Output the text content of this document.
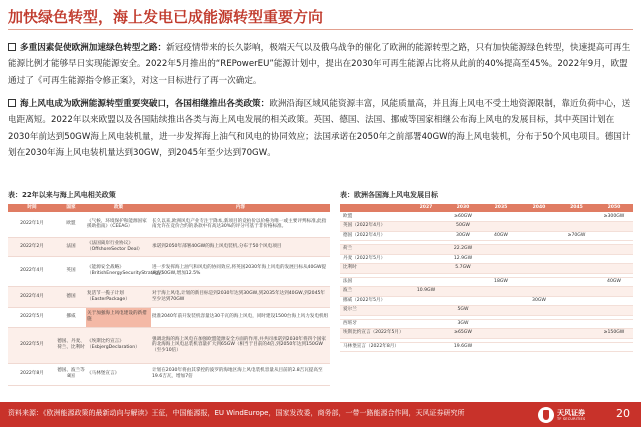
加快绿色转型，海上发电已成能源转型重要方向
多重因素促使欧洲加速绿色转型之路：新冠疫情带来的长久影响，极端天气以及俄乌战争的催化了欧洲的能源转型之路，只有加快能源绿色转型，快速提高可再生能源比例才能够早日实现能源安全。2022年5月推出的“REPowerEU”能源计划中，提出在2030年可再生能源占比将从此前的40%提高至45%。2022年9月，欧盟通过了《可再生能源指令修正案》，对这一目标进行了再一次确定。
海上风电成为欧洲能源转型重要突破口，各国相继推出各类政策：欧洲沿海区域风能资源丰富，风能质量高，并且海上风电不受土地资源限制，靠近负荷中心，送电距离短。2022年以来欧盟以及各国陆续推出各类与海上风电发展的相关政策。英国、德国、法国、挪威等国家相继公布海上风电的发展目标，其中英国计划在2030年前达到50GW海上风电装机量，进一步发挥海上油气和风电的协同效应；法国承诺在2050年之前部署40GW的海上风电装机，分布于50个风电项目。德国计划在2030年海上风电装机量达到30GW，到2045年至少达到70GW。
表：22年以来与海上风电相关政策	表：欧洲各国海上风电发展目标
时间	国家	政策	内容
2022年1月	欧盟	《气候、环境保护和能源国家援助指南》（CEEAG）	长久以来,欧洲风电产业专注于降本,新项目的竞拍价以价格为唯一或主要评判标准,此指南允许在竞价合约的条款中有高达30%的评分可基于非价格标准。
2022年2月	法国	《法国离岸行业协议》（OffshoreSector Deal）	承诺到2050年部署40GW的海上风电装机,分布于50个风电项目
2022年4月	英国	《能源安全战略》（BritishEnergySecurityStrategy）	进一步发挥海上油气和风电的协同效应,将英国2030年海上风电的发展目标从40GW提高至50GW,增加12.5%
2022年4月	德国	复活节一揽子计划（EasterPackage）	对于海上风电,计划的新目标是到2030年达到30GW,到2035年达到40GW,到2045年至少达到70GW
2022年5月	挪威	关于加强海上风电建设的新措施	批准2040年前开发装机容量达30千瓦的海上风电，同时建设1500台海上风力发电机组
2022年5月	德国、丹麦、荷兰、比利时	《埃斯比约宣言》（EsbjergDeclaration）	强调北海的海上风电在加强欧盟能源安全方面的作用,并共同承诺到2030年将四个国家的北海海上风电总装机容量扩大到65GW（相当于目前的4倍,到2050年达到150GW（至少10倍）
2022年8月	德国、波兰等8国	《马林堡宣言》	计划在2030年将由其掌控的波罗的海地区海上风电装机容量从目前的2.8吉瓦提高至19.6吉瓦，增加7倍
	2027	2030	2035	2040	2045	2050
欧盟		≥60GW				≥300GW
英国（2022年4月）		50GW				
德国（2022年4月）		30GW	40GW		≥70GW	

荷兰		22.2GW				
丹麦（2022年5月）		12.9GW				
比利时		5.7GW				

法国			18GW			40GW
波兰	10.9GW					
挪威（2022年5月）				30GW		
爱尔兰		5GW				

西班牙		3GW				
埃斯比约宣言（2022年5月）		≥65GW				≥150GW

马林堡宣言（2022年8月）		19.6GW				
资料来源：《欧洲能源政策的最新动向与解读》王征，中国能源报，EU WindEurope，国家发改委，商务部，一带一路能源合作网，天风证券研究所	天风证券
TF SECURITIES	20
